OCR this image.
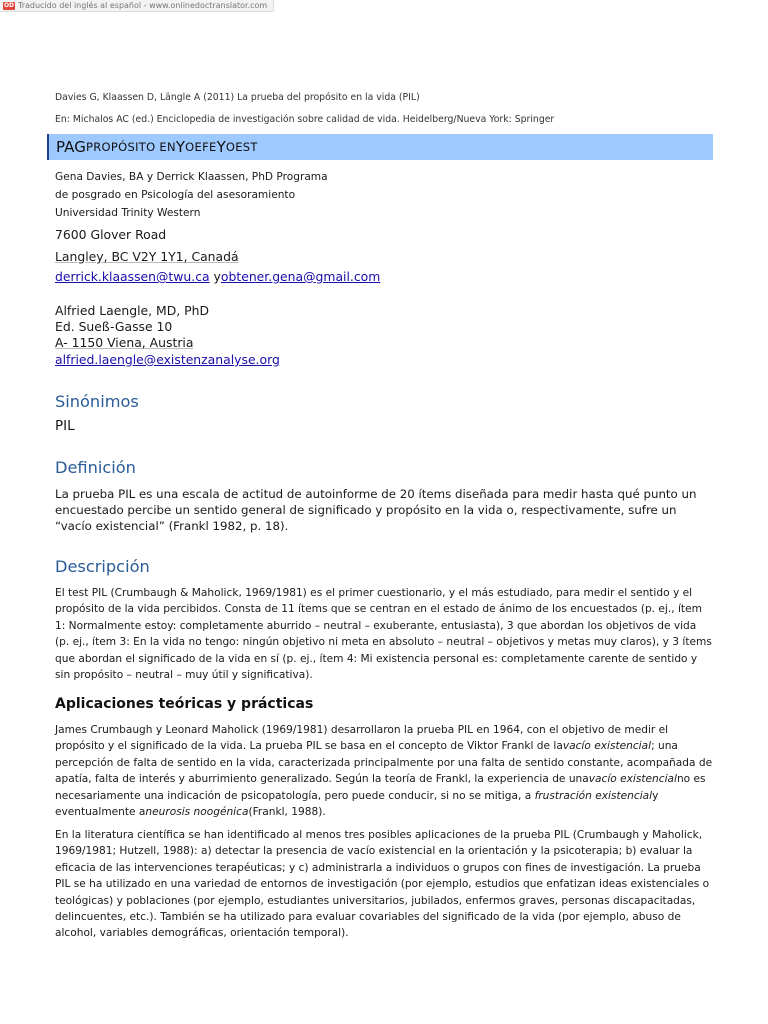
OD Traducido del inglés al español - www.onlinedoctranslator.com
Davies G, Klaassen D, Längle A (2011) La prueba del propósito en la vida (PIL)
En: Michalos AC (ed.) Enciclopedia de investigación sobre calidad de vida. Heidelberg/Nueva York: Springer
PAG PROPÓSITO EN Y O EFE Y O EST
Gena Davies, BA y Derrick Klaassen, PhD Programa
de posgrado en Psicología del asesoramiento
Universidad Trinity Western
7600 Glover Road
Langley, BC V2Y 1Y1, Canadá
derrick.klaassen@twu.ca yobtener.gena@gmail.com
Alfried Laengle, MD, PhD
Ed. Sueß-Gasse 10
A- 1150 Viena, Austria
alfried.laengle@existenzanalyse.org
Sinónimos
PIL
Definición
La prueba PIL es una escala de actitud de autoinforme de 20 ítems diseñada para medir hasta qué punto un encuestado percibe un sentido general de significado y propósito en la vida o, respectivamente, sufre un “vacío existencial” (Frankl 1982, p. 18).
Descripción
El test PIL (Crumbaugh & Maholick, 1969/1981) es el primer cuestionario, y el más estudiado, para medir el sentido y el propósito de la vida percibidos. Consta de 11 ítems que se centran en el estado de ánimo de los encuestados (p. ej., ítem 1: Normalmente estoy: completamente aburrido – neutral – exuberante, entusiasta), 3 que abordan los objetivos de vida (p. ej., ítem 3: En la vida no tengo: ningún objetivo ni meta en absoluto – neutral – objetivos y metas muy claros), y 3 ítems que abordan el significado de la vida en sí (p. ej., ítem 4: Mi existencia personal es: completamente carente de sentido y sin propósito – neutral – muy útil y significativa).
Aplicaciones teóricas y prácticas
James Crumbaugh y Leonard Maholick (1969/1981) desarrollaron la prueba PIL en 1964, con el objetivo de medir el propósito y el significado de la vida. La prueba PIL se basa en el concepto de Viktor Frankl de lavacío existencial; una percepción de falta de sentido en la vida, caracterizada principalmente por una falta de sentido constante, acompañada de apatía, falta de interés y aburrimiento generalizado. Según la teoría de Frankl, la experiencia de unavacío existencialno es necesariamente una indicación de psicopatología, pero puede conducir, si no se mitiga, a frustración existencialy eventualmente aneurosis noogénica(Frankl, 1988).
En la literatura científica se han identificado al menos tres posibles aplicaciones de la prueba PIL (Crumbaugh y Maholick, 1969/1981; Hutzell, 1988): a) detectar la presencia de vacío existencial en la orientación y la psicoterapia; b) evaluar la eficacia de las intervenciones terapéuticas; y c) administrarla a individuos o grupos con fines de investigación. La prueba PIL se ha utilizado en una variedad de entornos de investigación (por ejemplo, estudios que enfatizan ideas existenciales o teológicas) y poblaciones (por ejemplo, estudiantes universitarios, jubilados, enfermos graves, personas discapacitadas, delincuentes, etc.). También se ha utilizado para evaluar covariables del significado de la vida (por ejemplo, abuso de alcohol, variables demográficas, orientación temporal).
